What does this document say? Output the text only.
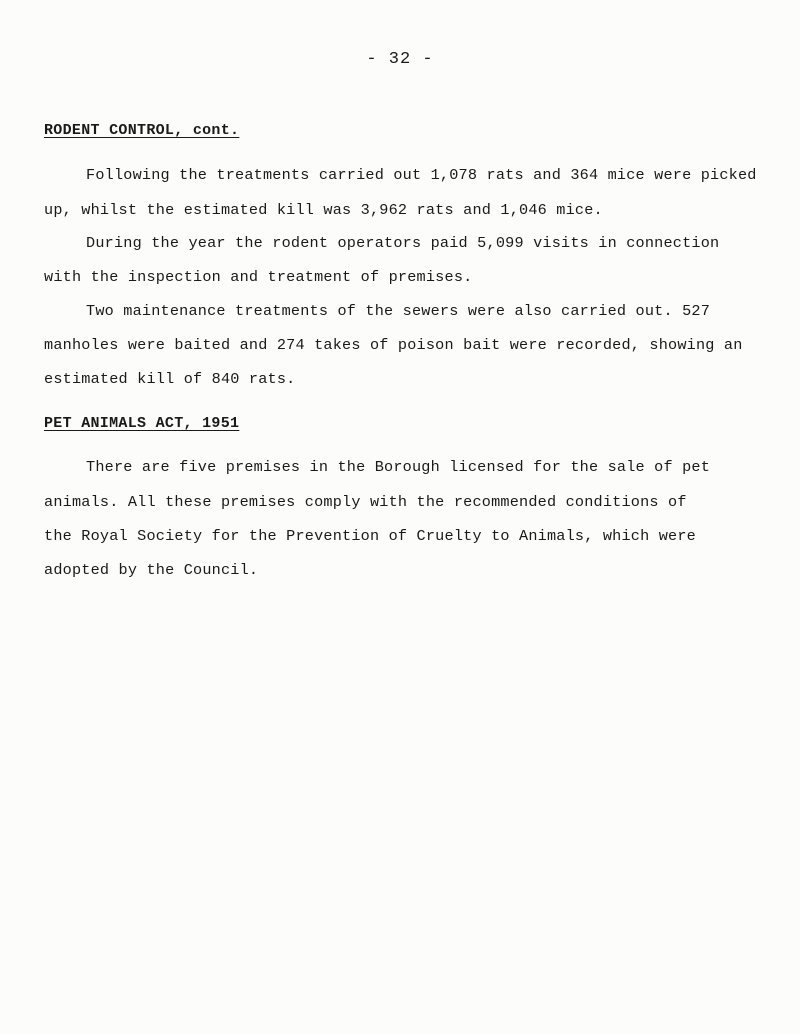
- 32 -
RODENT CONTROL, cont.
Following the treatments carried out 1,078 rats and 364 mice were picked
up, whilst the estimated kill was 3,962 rats and 1,046 mice.
During the year the rodent operators paid 5,099 visits in connection
with the inspection and treatment of premises.
Two maintenance treatments of the sewers were also carried out. 527
manholes were baited and 274 takes of poison bait were recorded, showing an
estimated kill of 840 rats.
PET ANIMALS ACT, 1951
There are five premises in the Borough licensed for the sale of pet
animals. All these premises comply with the recommended conditions of
the Royal Society for the Prevention of Cruelty to Animals, which were
adopted by the Council.
